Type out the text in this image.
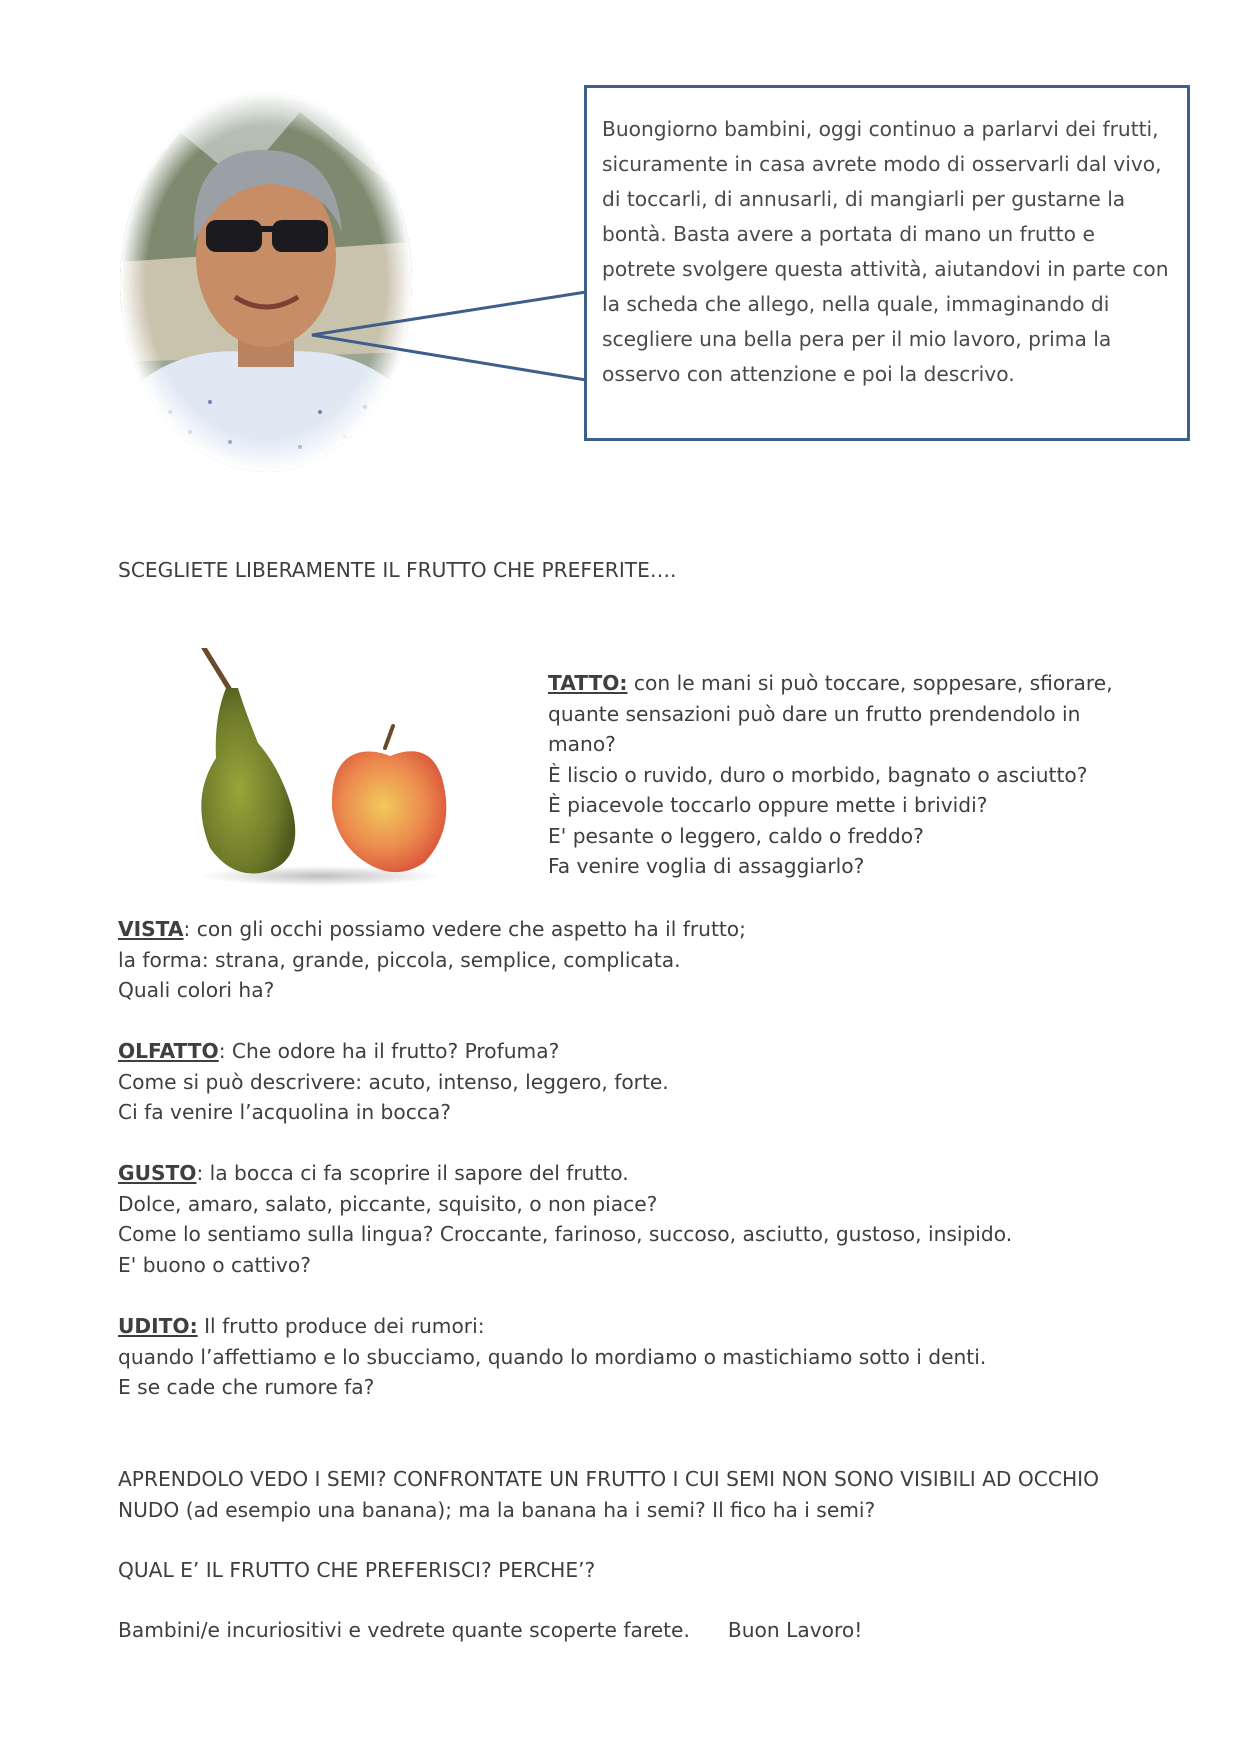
Buongiorno bambini, oggi continuo a parlarvi dei frutti,
sicuramente in casa avrete modo di osservarli dal vivo,
di toccarli, di annusarli, di mangiarli per gustarne la
bontà. Basta avere a portata di mano un frutto e
potrete svolgere questa attività, aiutandovi in parte con
la scheda che allego, nella quale, immaginando di
scegliere una bella pera per il mio lavoro, prima la
osservo con attenzione e poi la descrivo.

SCEGLIETE LIBERAMENTE IL FRUTTO CHE PREFERITE….

TATTO: con le mani si può toccare, soppesare, sfiorare,
quante sensazioni può dare un frutto prendendolo in
mano?
È liscio o ruvido, duro o morbido, bagnato o asciutto?
È piacevole toccarlo oppure mette i brividi?
E' pesante o leggero, caldo o freddo?
Fa venire voglia di assaggiarlo?
VISTA: con gli occhi possiamo vedere che aspetto ha il frutto;
la forma: strana, grande, piccola, semplice, complicata.
Quali colori ha?
OLFATTO: Che odore ha il frutto? Profuma?
Come si può descrivere: acuto, intenso, leggero, forte.
Ci fa venire l’acquolina in bocca?
GUSTO: la bocca ci fa scoprire il sapore del frutto.
Dolce, amaro, salato, piccante, squisito, o non piace?
Come lo sentiamo sulla lingua? Croccante, farinoso, succoso, asciutto, gustoso, insipido.
E' buono o cattivo?
UDITO: Il frutto produce dei rumori:
quando l’affettiamo e lo sbucciamo, quando lo mordiamo o mastichiamo sotto i denti.
E se cade che rumore fa?
APRENDOLO VEDO I SEMI? CONFRONTATE UN FRUTTO I CUI SEMI NON SONO VISIBILI AD OCCHIO
NUDO (ad esempio una banana); ma la banana ha i semi? Il fico ha i semi?

QUAL E’ IL FRUTTO CHE PREFERISCI? PERCHE’?

Bambini/e incuriositivi e vedrete quante scoperte farete. Buon Lavoro!
